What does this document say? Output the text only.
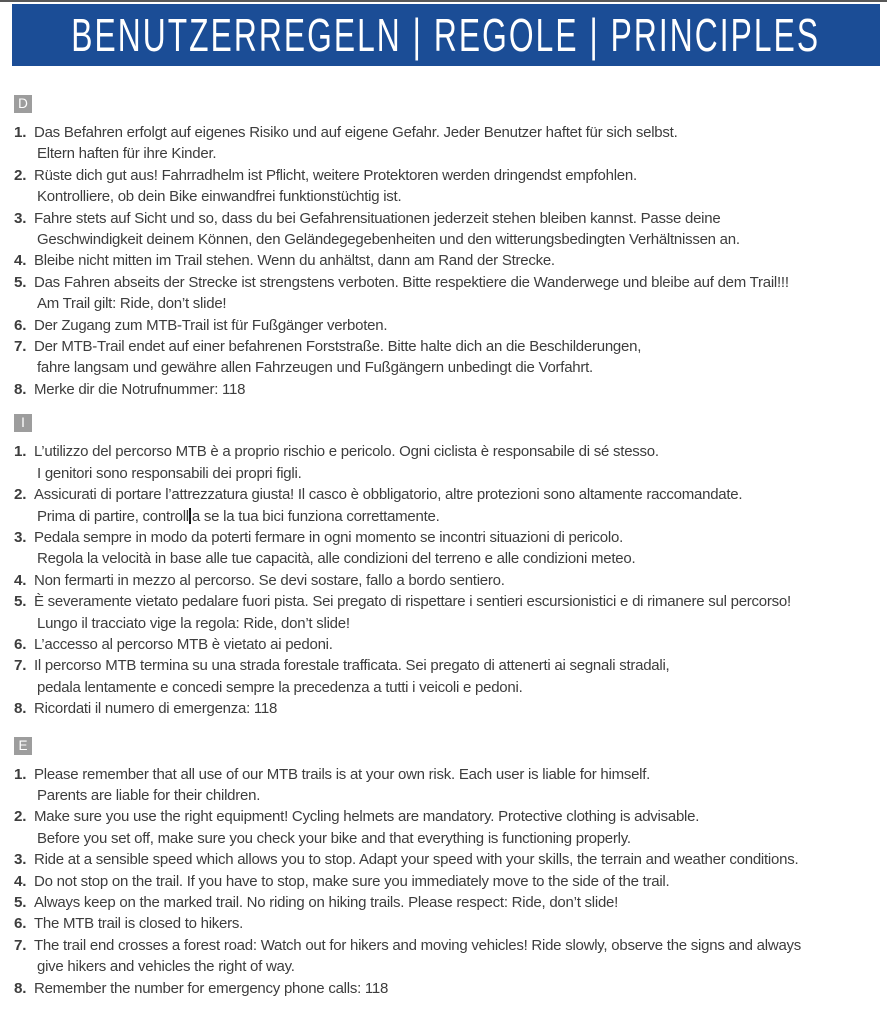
BENUTZERREGELN | REGOLE | PRINCIPLES
D
1. Das Befahren erfolgt auf eigenes Risiko und auf eigene Gefahr. Jeder Benutzer haftet für sich selbst.
Eltern haften für ihre Kinder.
2. Rüste dich gut aus! Fahrradhelm ist Pflicht, weitere Protektoren werden dringendst empfohlen.
Kontrolliere, ob dein Bike einwandfrei funktionstüchtig ist.
3. Fahre stets auf Sicht und so, dass du bei Gefahrensituationen jederzeit stehen bleiben kannst. Passe deine
Geschwindigkeit deinem Können, den Geländegegebenheiten und den witterungsbedingten Verhältnissen an.
4. Bleibe nicht mitten im Trail stehen. Wenn du anhältst, dann am Rand der Strecke.
5. Das Fahren abseits der Strecke ist strengstens verboten. Bitte respektiere die Wanderwege und bleibe auf dem Trail!!!
Am Trail gilt: Ride, don’t slide!
6. Der Zugang zum MTB-Trail ist für Fußgänger verboten.
7. Der MTB-Trail endet auf einer befahrenen Forststraße. Bitte halte dich an die Beschilderungen,
fahre langsam und gewähre allen Fahrzeugen und Fußgängern unbedingt die Vorfahrt.
8. Merke dir die Notrufnummer: 118
I
1. L’utilizzo del percorso MTB è a proprio rischio e pericolo. Ogni ciclista è responsabile di sé stesso.
I genitori sono responsabili dei propri figli.
2. Assicurati di portare l’attrezzatura giusta! Il casco è obbligatorio, altre protezioni sono altamente raccomandate.
Prima di partire, controll a se la tua bici funziona correttamente.
3. Pedala sempre in modo da poterti fermare in ogni momento se incontri situazioni di pericolo.
Regola la velocità in base alle tue capacità, alle condizioni del terreno e alle condizioni meteo.
4. Non fermarti in mezzo al percorso. Se devi sostare, fallo a bordo sentiero.
5. È severamente vietato pedalare fuori pista. Sei pregato di rispettare i sentieri escursionistici e di rimanere sul percorso!
Lungo il tracciato vige la regola: Ride, don’t slide!
6. L’accesso al percorso MTB è vietato ai pedoni.
7. Il percorso MTB termina su una strada forestale trafficata. Sei pregato di attenerti ai segnali stradali,
pedala lentamente e concedi sempre la precedenza a tutti i veicoli e pedoni.
8. Ricordati il numero di emergenza: 118
E
1. Please remember that all use of our MTB trails is at your own risk. Each user is liable for himself.
Parents are liable for their children.
2. Make sure you use the right equipment! Cycling helmets are mandatory. Protective clothing is advisable.
Before you set off, make sure you check your bike and that everything is functioning properly.
3. Ride at a sensible speed which allows you to stop. Adapt your speed with your skills, the terrain and weather conditions.
4. Do not stop on the trail. If you have to stop, make sure you immediately move to the side of the trail.
5. Always keep on the marked trail. No riding on hiking trails. Please respect: Ride, don’t slide!
6. The MTB trail is closed to hikers.
7. The trail end crosses a forest road: Watch out for hikers and moving vehicles! Ride slowly, observe the signs and always
give hikers and vehicles the right of way.
8. Remember the number for emergency phone calls: 118
